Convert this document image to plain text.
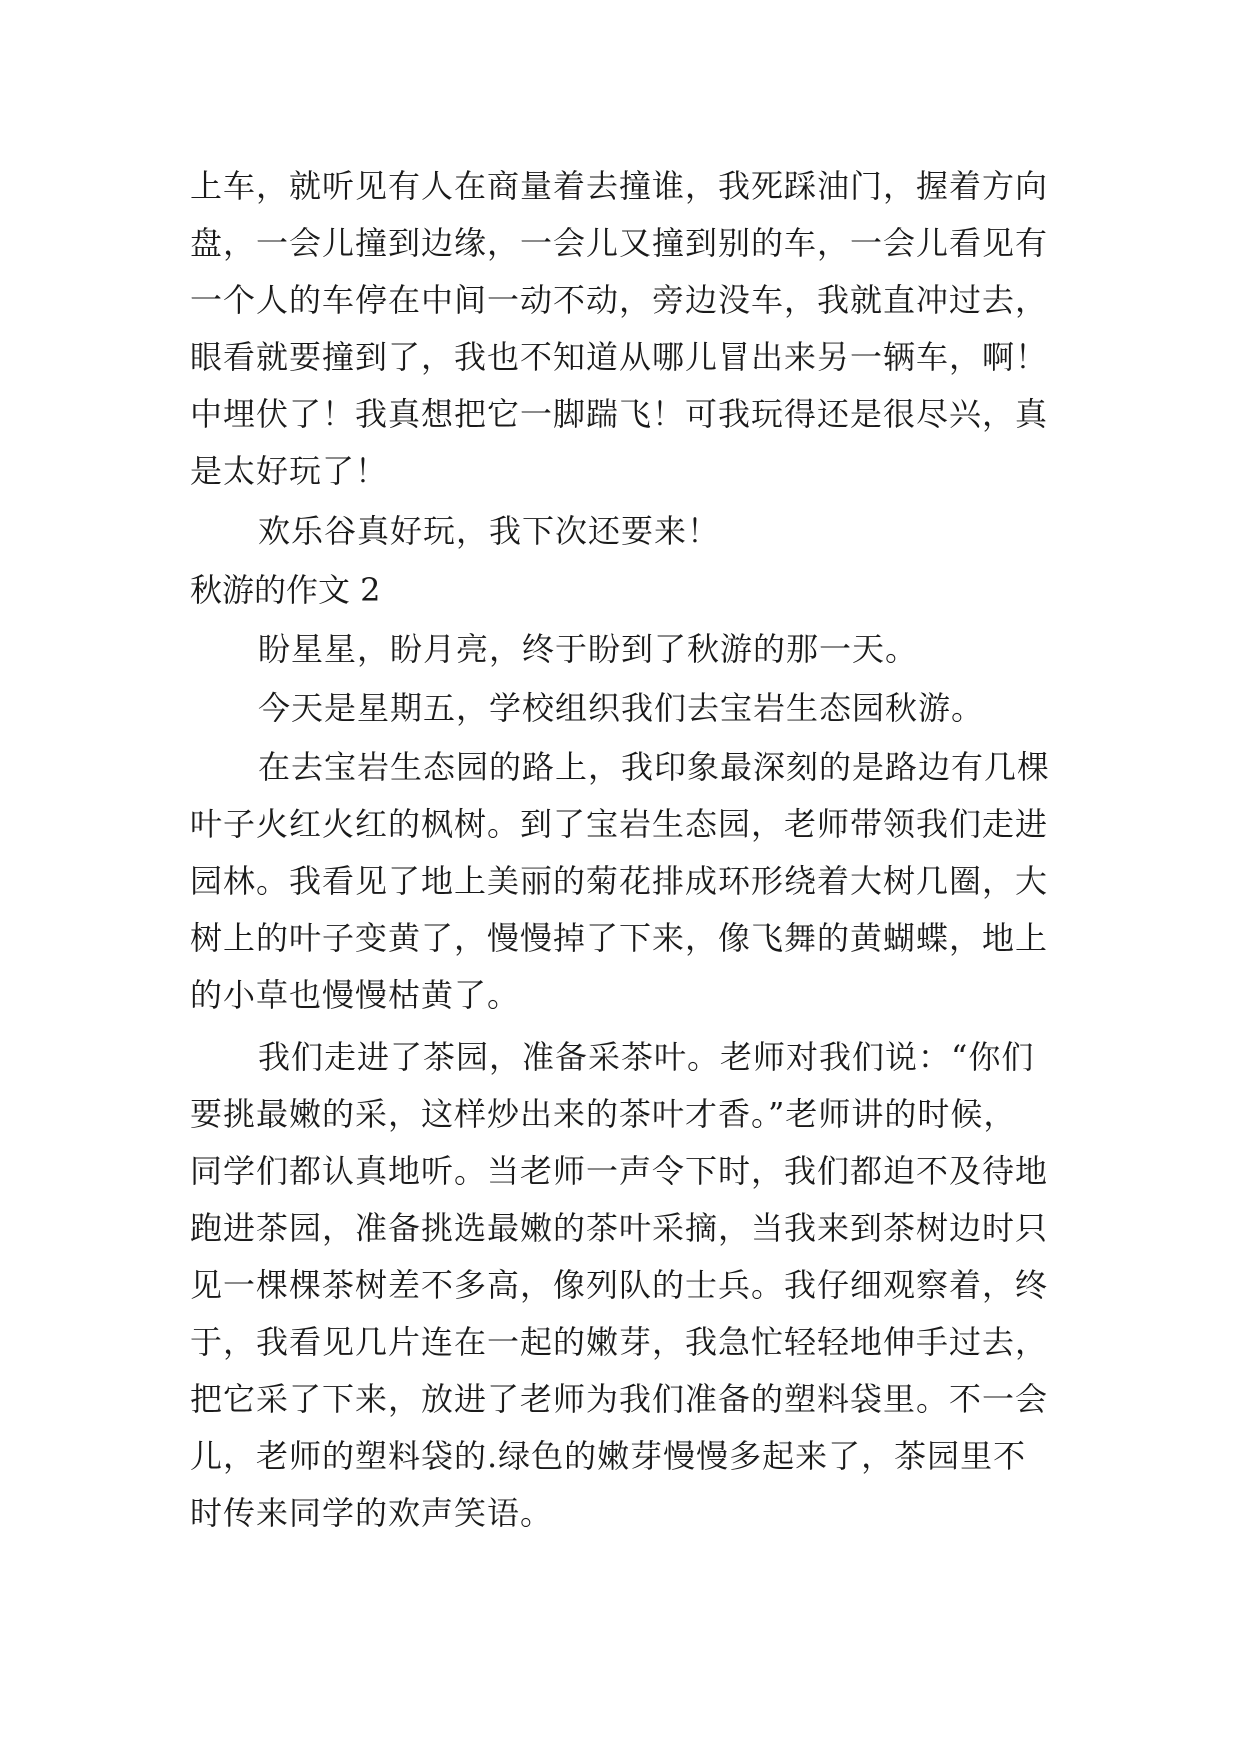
上车，就听见有人在商量着去撞谁，我死踩油门，握着方向
盘，一会儿撞到边缘，一会儿又撞到别的车，一会儿看见有
一个人的车停在中间一动不动，旁边没车，我就直冲过去，
眼看就要撞到了，我也不知道从哪儿冒出来另一辆车，啊！
中埋伏了！我真想把它一脚踹飞！可我玩得还是很尽兴，真
是太好玩了！
欢乐谷真好玩，我下次还要来！
秋游的作文 2
盼星星，盼月亮，终于盼到了秋游的那一天。
今天是星期五，学校组织我们去宝岩生态园秋游。
在去宝岩生态园的路上，我印象最深刻的是路边有几棵
叶子火红火红的枫树。到了宝岩生态园，老师带领我们走进
园林。我看见了地上美丽的菊花排成环形绕着大树几圈，大
树上的叶子变黄了，慢慢掉了下来，像飞舞的黄蝴蝶，地上
的小草也慢慢枯黄了。
我们走进了茶园，准备采茶叶。老师对我们说：“你们
要挑最嫩的采，这样炒出来的茶叶才香。”老师讲的时候，
同学们都认真地听。当老师一声令下时，我们都迫不及待地
跑进茶园，准备挑选最嫩的茶叶采摘，当我来到茶树边时只
见一棵棵茶树差不多高，像列队的士兵。我仔细观察着，终
于，我看见几片连在一起的嫩芽，我急忙轻轻地伸手过去，
把它采了下来，放进了老师为我们准备的塑料袋里。不一会
儿，老师的塑料袋的.绿色的嫩芽慢慢多起来了，茶园里不
时传来同学的欢声笑语。
